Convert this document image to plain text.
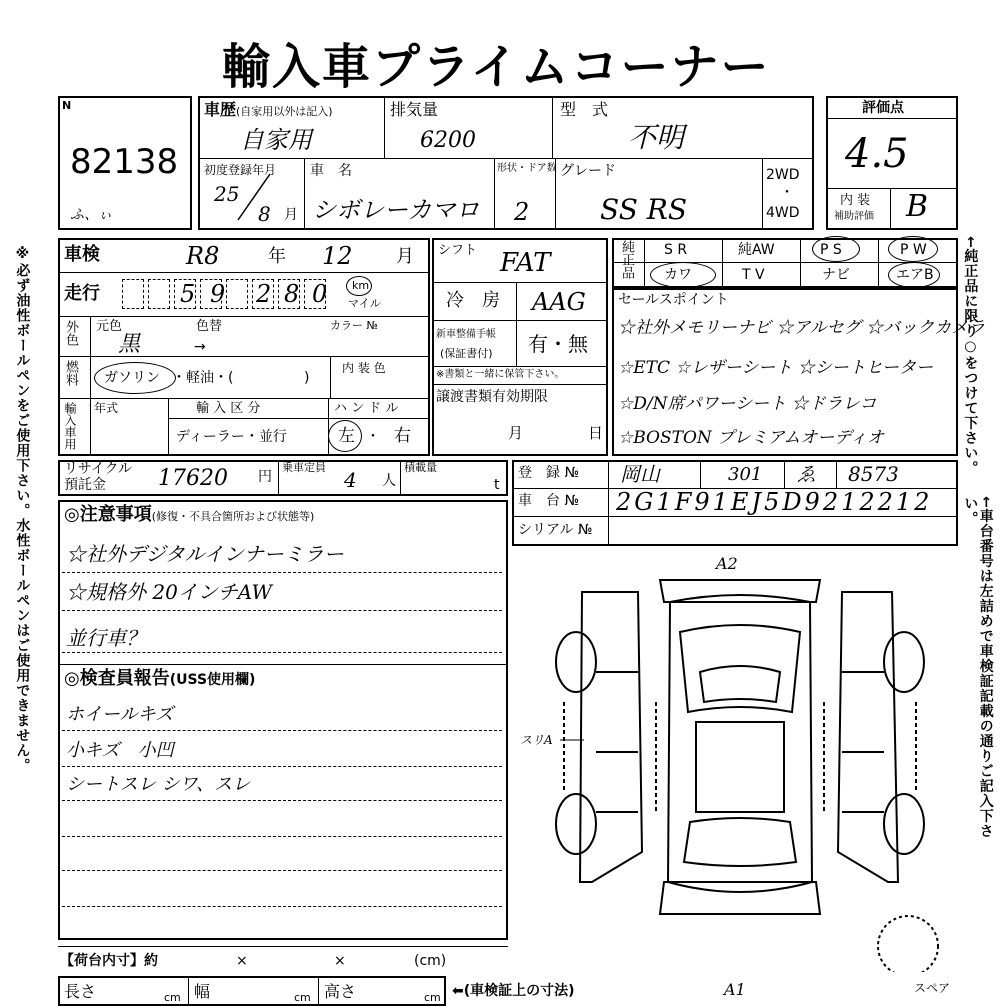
輸入車プライムコーナー
※必ず油性ボールペンをご使用下さい。水性ボールペンはご使用できません。	←純正品に限り○をつけて下さい。
←車台番号は左詰めで車検証記載の通りご記入下さい。
N
82138
ふ、ぃ
車歴(自家用以外は記入)
自家用
排気量
6200
型　式
不明
初度登録年月
25
8 月
車　名
シボレーカマロ
形状・ドア数
2
グレード
SS RS
2WD
・
4WD
評価点
4.5
内 装
補助評価 B
車検	R8	年 12 月
走行	5 9 2 8 0 km
マイル
外色 元色	色替	カラー №
黒	→
燃料 ガソリン ・軽油・(	)
内 装 色
輸入車用 年式	輸 入 区 分	ハ ン ド ル
ディーラー・並行	左 ・ 右
シフト FAT
冷　房 AAG
新車整備手帳
(保証書付) 有・無
※書類と一緒に保管下さい。
譲渡書類有効期限
月	日
純正品 S R	純AW	P S	P W
カワ	T V	ナビ	エアB
セールスポイント
☆社外メモリーナビ ☆アルセグ ☆バックカメラ
☆ETC ☆レザーシート ☆シートヒーター
☆D/N席パワーシート ☆ドラレコ
☆BOSTON プレミアムオーディオ
リサイクル
預託金 17620 円
乗車定員
4 人
積載量
t
登　録 № 岡山	301 ゑ 8573
車　台 № 2G1F91EJ5D9212212
シリアル №
◎注意事項(修復・不具合箇所および状態等)
☆社外デジタルインナーミラー
☆規格外 20インチAW
並行車？
◎検査員報告(USS使用欄)
ホイールキズ
小キズ　小凹
シートスレ シワ、スレ
A2
スリA
A1	スペア
【荷台内寸】約	×	×	(cm)
長さ	cm 幅	cm 高さ	cm ⬅(車検証上の寸法)
